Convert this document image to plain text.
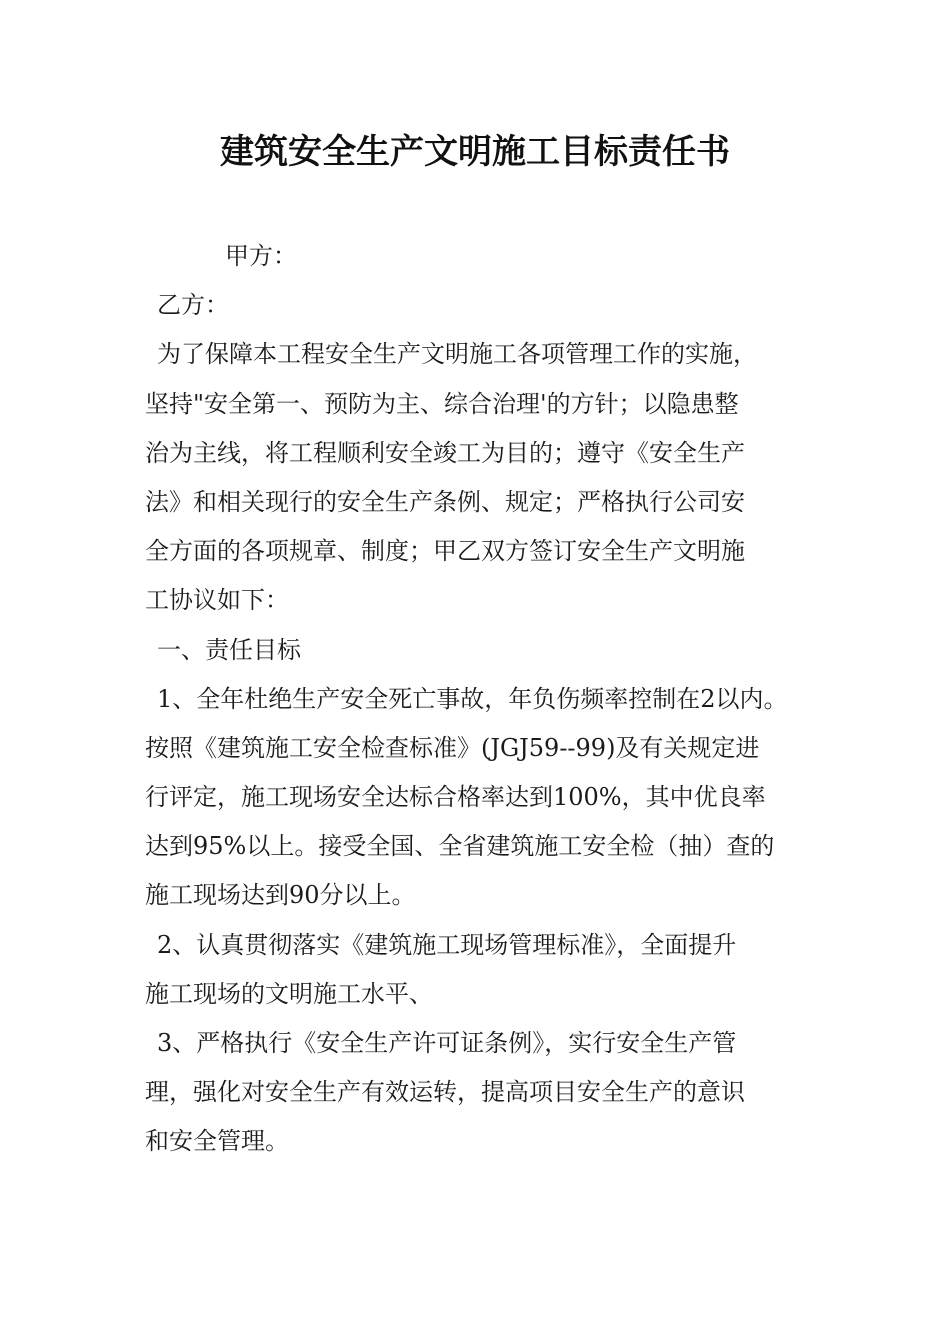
建筑安全生产文明施工目标责任书
甲方：
乙方：
为了保障本工程安全生产文明施工各项管理工作的实施，
坚持"安全第一、预防为主、综合治理'的方针；以隐患整
治为主线，将工程顺利安全竣工为目的；遵守《安全生产
法》和相关现行的安全生产条例、规定；严格执行公司安
全方面的各项规章、制度；甲乙双方签订安全生产文明施
工协议如下：
一、责任目标
1、全年杜绝生产安全死亡事故，年负伤频率控制在2以内。
按照《建筑施工安全检查标准》(JGJ59--99)及有关规定进
行评定，施工现场安全达标合格率达到100%，其中优良率
达到95%以上。接受全国、全省建筑施工安全检（抽）查的
施工现场达到90分以上。
2、认真贯彻落实《建筑施工现场管理标准》，全面提升
施工现场的文明施工水平、
3、严格执行《安全生产许可证条例》，实行安全生产管
理，强化对安全生产有效运转，提高项目安全生产的意识
和安全管理。
